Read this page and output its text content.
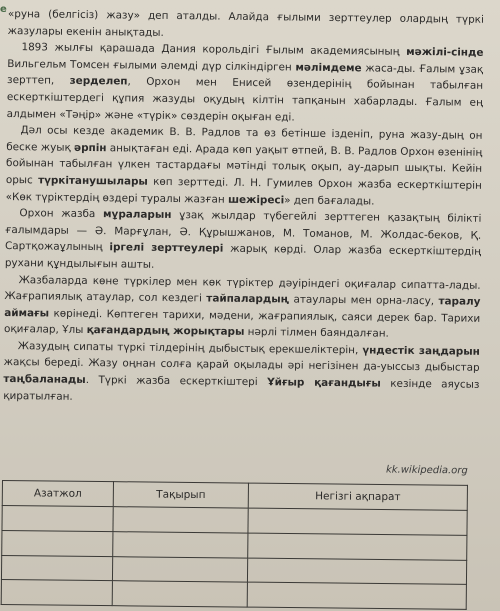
е «руна (белгісіз) жазу» деп аталды. Алайда ғылыми зерттеулер олардың түркі жазулары екенін анықтады.

1893 жылғы қарашада Дания корольдігі Ғылым академиясының мәжілі-сінде Вильгельм Томсен ғылыми әлемді дүр сілкіндірген мәлімдеме жаса-ды. Ғалым ұзақ зерттеп, зерделеп, Орхон мен Енисей өзендерінің бойынан табылған ескерткіштердегі құпия жазуды оқудың кілтін тапқанын хабарлады. Ғалым ең алдымен «Тәңір» және «түрік» сөздерін оқыған еді.

Дәл осы кезде академик В. В. Радлов та өз бетінше ізденіп, руна жазу-дың он беске жуық әрпін анықтаған еді. Арада көп уақыт өтпей, В. В. Радлов Орхон өзенінің бойынан табылған үлкен тастардағы мәтінді толық оқып, ау-дарып шықты. Кейін орыс түркітанушылары көп зерттеді. Л. Н. Гумилев Орхон жазба ескерткіштерін «Көк түріктердің өздері туралы жазған шежіресі» деп бағалады.

Орхон жазба мұраларын ұзақ жылдар түбегейлі зерттеген қазақтың білікті ғалымдары — Ә. Марғұлан, Ә. Құрышжанов, М. Томанов, М. Жолдас-беков, Қ. Сартқожаұлының іргелі зерттеулері жарық көрді. Олар жазба ескерткіштердің рухани құндылығын ашты.

Жазбаларда көне түркілер мен көк түріктер дәуіріндегі оқиғалар сипатта-лады. Жағрапиялық атаулар, сол кездегі тайпалардың атаулары мен орна-ласу, таралу аймағы көрінеді. Көптеген тарихи, мәдени, жағрапиялық, саяси дерек бар. Тарихи оқиғалар, Ұлы қағандардың жорықтары нәрлі тілмен баяндалған.

Жазудың сипаты түркі тілдерінің дыбыстық ерекшеліктерін, үндестік заңдарын жақсы береді. Жазу оңнан солға қарай оқылады әрі негізінен да-уыссыз дыбыстар таңбаланады. Түркі жазба ескерткіштері Ұйғыр қағандығы кезінде аяусыз қиратылған.

kk.wikipedia.org
Азатжол	Тақырып	Негізгі ақпарат
